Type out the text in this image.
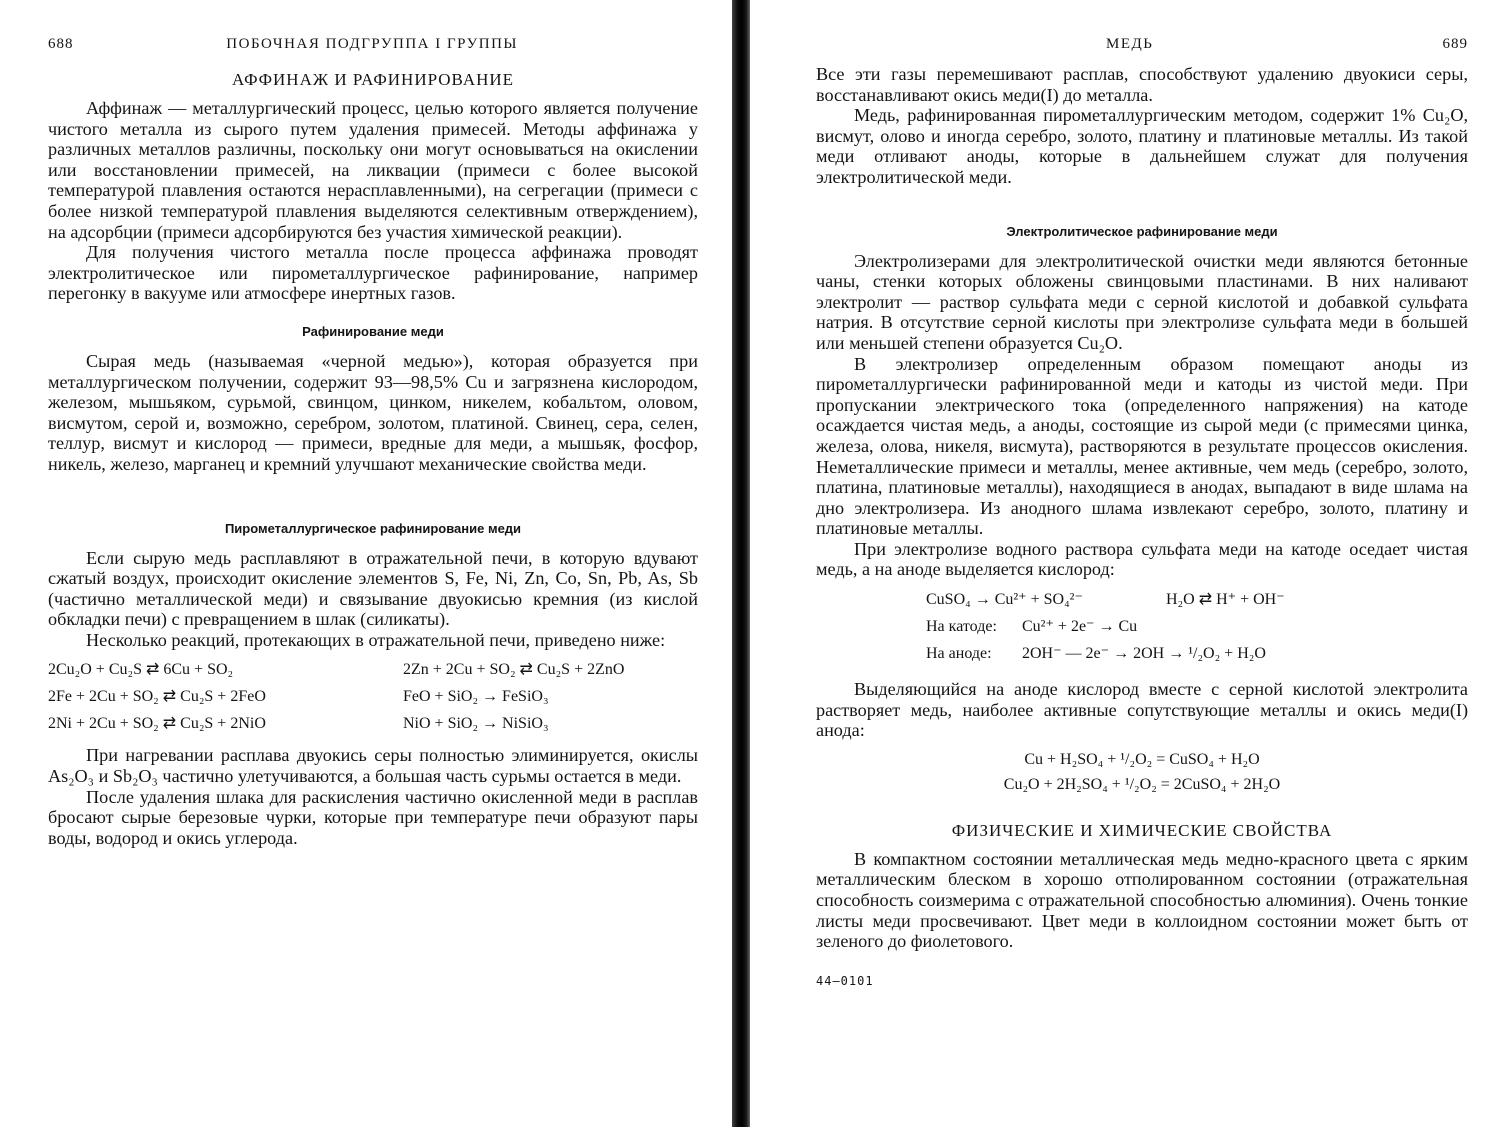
688	ПОБОЧНАЯ ПОДГРУППА I ГРУППЫ
АФФИНАЖ И РАФИНИРОВАНИЕ

Аффинаж — металлургический процесс, целью которого является получение чистого металла из сырого путем удаления примесей. Методы аффинажа у различных металлов различны, поскольку они могут основываться на окислении или восстановлении примесей, на ликвации (примеси с более высокой температурой плавления остаются нерасплавленными), на сегрегации (примеси с более низкой температурой плавления выделяются селективным отверждением), на адсорбции (примеси адсорбируются без участия химической реакции).

Для получения чистого металла после процесса аффинажа проводят электролитическое или пирометаллургическое рафинирование, например перегонку в вакууме или атмосфере инертных газов.

Рафинирование меди

Сырая медь (называемая «черной медью»), которая образуется при металлургическом получении, содержит 93—98,5% Cu и загрязнена кислородом, железом, мышьяком, сурьмой, свинцом, цинком, никелем, кобальтом, оловом, висмутом, серой и, возможно, серебром, золотом, платиной. Свинец, сера, селен, теллур, висмут и кислород — примеси, вредные для меди, а мышьяк, фосфор, никель, железо, марганец и кремний улучшают механические свойства меди.

Пирометаллургическое рафинирование меди

Если сырую медь расплавляют в отражательной печи, в которую вдувают сжатый воздух, происходит окисление элементов S, Fe, Ni, Zn, Co, Sn, Pb, As, Sb (частично металлической меди) и связывание двуокисью кремния (из кислой обкладки печи) с превращением в шлак (силикаты).

Несколько реакций, протекающих в отражательной печи, приведено ниже:

2Cu₂O + Cu₂S ⇄ 6Cu + SO₂	2Zn + 2Cu + SO₂ ⇄ Cu₂S + 2ZnO
2Fe + 2Cu + SO₂ ⇄ Cu₂S + 2FeO	FeO + SiO₂ → FeSiO₃
2Ni + 2Cu + SO₂ ⇄ Cu₂S + 2NiO	NiO + SiO₂ → NiSiO₃

При нагревании расплава двуокись серы полностью элиминируется, окислы As₂O₃ и Sb₂O₃ частично улетучиваются, а большая часть сурьмы остается в меди.

После удаления шлака для раскисления частично окисленной меди в расплав бросают сырые березовые чурки, которые при температуре печи образуют пары воды, водород и окись углерода.

МЕДЬ	689

Все эти газы перемешивают расплав, способствуют удалению двуокиси серы, восстанавливают окись меди(I) до металла.

Медь, рафинированная пирометаллургическим методом, содержит 1% Cu₂O, висмут, олово и иногда серебро, золото, платину и платиновые металлы. Из такой меди отливают аноды, которые в дальнейшем служат для получения электролитической меди.

Электролитическое рафинирование меди

Электролизерами для электролитической очистки меди являются бетонные чаны, стенки которых обложены свинцовыми пластинами. В них наливают электролит — раствор сульфата меди с серной кислотой и добавкой сульфата натрия. В отсутствие серной кислоты при электролизе сульфата меди в большей или меньшей степени образуется Cu₂O.

В электролизер определенным образом помещают аноды из пирометаллургически рафинированной меди и катоды из чистой меди. При пропускании электрического тока (определенного напряжения) на катоде осаждается чистая медь, а аноды, состоящие из сырой меди (с примесями цинка, железа, олова, никеля, висмута), растворяются в результате процессов окисления. Неметаллические примеси и металлы, менее активные, чем медь (серебро, золото, платина, платиновые металлы), находящиеся в анодах, выпадают в виде шлама на дно электролизера. Из анодного шлама извлекают серебро, золото, платину и платиновые металлы.

При электролизе водного раствора сульфата меди на катоде оседает чистая медь, а на аноде выделяется кислород:

CuSO₄ → Cu²⁺ + SO₄²⁻	H₂O ⇄ H⁺ + OH⁻
На катоде:	Cu²⁺ + 2e⁻ → Cu
На аноде:	2OH⁻ — 2e⁻ → 2OH → ¹/₂O₂ + H₂O

Выделяющийся на аноде кислород вместе с серной кислотой электролита растворяет медь, наиболее активные сопутствующие металлы и окись меди(I) анода:

Cu + H₂SO₄ + ¹/₂O₂ = CuSO₄ + H₂O
Cu₂O + 2H₂SO₄ + ¹/₂O₂ = 2CuSO₄ + 2H₂O
ФИЗИЧЕСКИЕ И ХИМИЧЕСКИЕ СВОЙСТВА

В компактном состоянии металлическая медь медно-красного цвета с ярким металлическим блеском в хорошо отполированном состоянии (отражательная способность соизмерима с отражательной способностью алюминия). Очень тонкие листы меди просвечивают. Цвет меди в коллоидном состоянии может быть от зеленого до фиолетового.

44—0101
